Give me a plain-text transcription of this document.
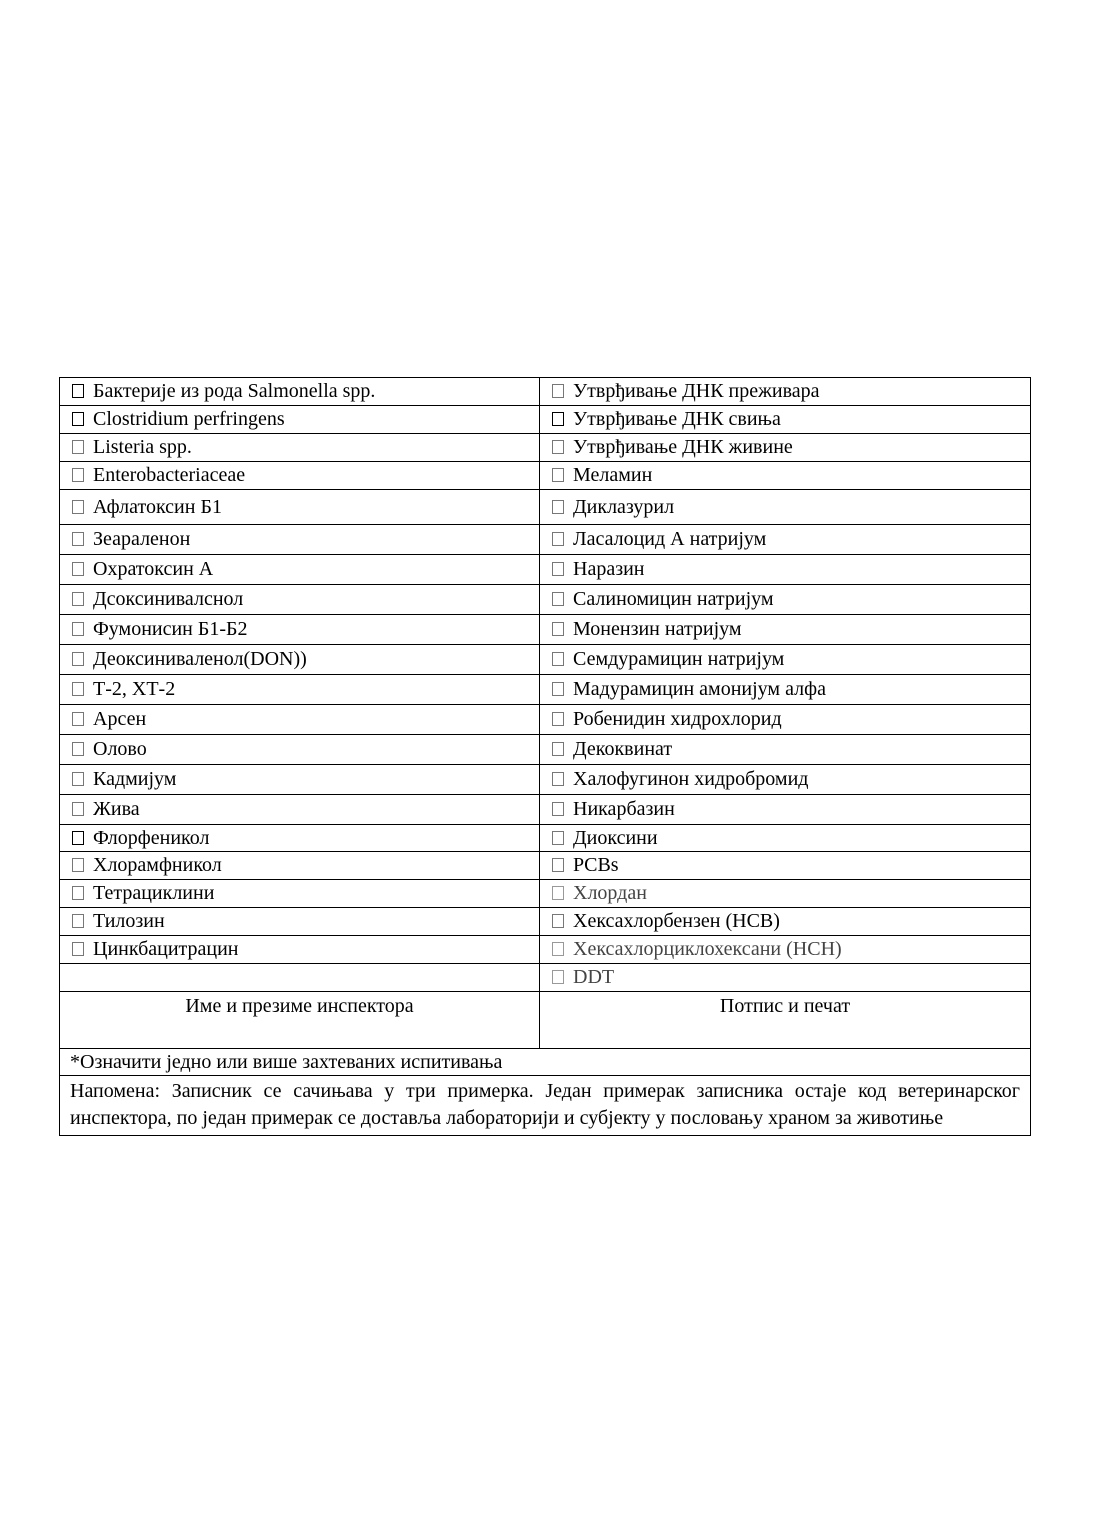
Бактерије из рода Salmonella spp.	Утврђивање ДНК преживара
Clostridium perfringens	Утврђивање ДНК свиња
Listeria spp.	Утврђивање ДНК живине
Enterobacteriaceae	Меламин
Афлатоксин Б1	Диклазурил
Зеараленон	Ласалоцид А натријум
Охратоксин А	Наразин
Дсоксинивалснол	Салиномицин натријум
Фумонисин Б1-Б2	Монензин натријум
Деоксиниваленол(DON))	Семдурамицин натријум
Т-2, ХТ-2	Мадурамицин амонијум алфа
Арсен	Робенидин хидрохлорид
Олово	Декоквинат
Кадмијум	Халофугинон хидробромид
Жива	Никарбазин
Флорфеникол	Диоксини
Хлорамфникол	PCBs
Тетрациклини	Хлордан
Тилозин	Хексахлорбензен (HCB)
Цинкбацитрацин	Хексахлорциклохексани (HCH)
	DDT
Име и презиме инспектора	Потпис и печат
*Означити једно или више захтеваних испитивања	
Напомена: Записник се сачињава у три примерка. Један примерак записника остаје код ветеринарског инспектора, по један примерак се доставља лабораторији и субјекту у пословању храном за животиње	
